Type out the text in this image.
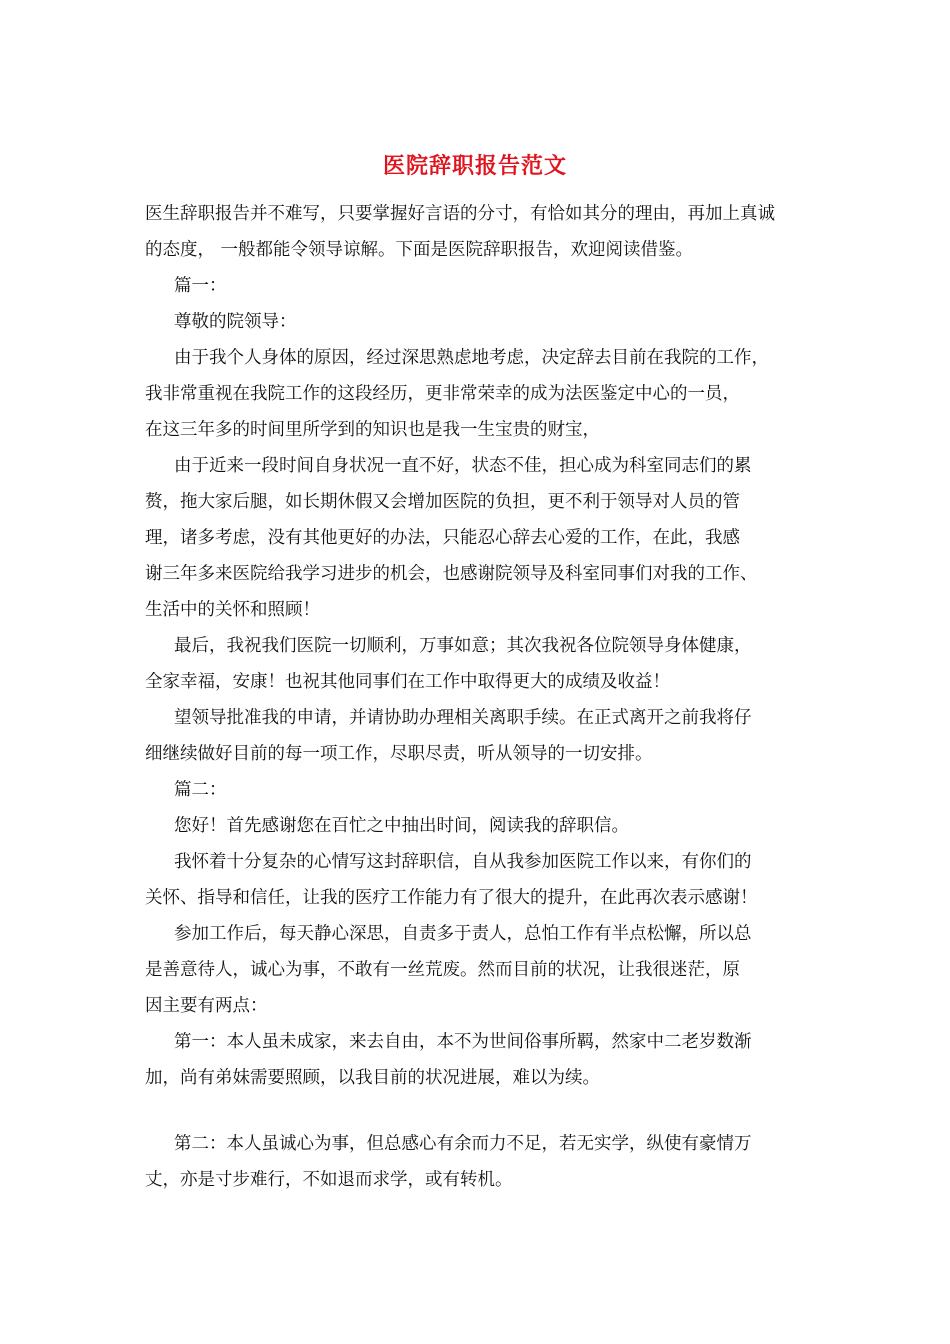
医院辞职报告范文
医生辞职报告并不难写，只要掌握好言语的分寸，有恰如其分的理由，再加上真诚
的态度， 一般都能令领导谅解。下面是医院辞职报告，欢迎阅读借鉴。
篇一：
尊敬的院领导：
由于我个人身体的原因，经过深思熟虑地考虑，决定辞去目前在我院的工作，
我非常重视在我院工作的这段经历，更非常荣幸的成为法医鉴定中心的一员，
在这三年多的时间里所学到的知识也是我一生宝贵的财宝，
由于近来一段时间自身状况一直不好，状态不佳，担心成为科室同志们的累
赘，拖大家后腿，如长期休假又会增加医院的负担，更不利于领导对人员的管
理，诸多考虑，没有其他更好的办法，只能忍心辞去心爱的工作，在此，我感
谢三年多来医院给我学习进步的机会，也感谢院领导及科室同事们对我的工作、
生活中的关怀和照顾！
最后，我祝我们医院一切顺利，万事如意；其次我祝各位院领导身体健康，
全家幸福，安康！也祝其他同事们在工作中取得更大的成绩及收益！
望领导批准我的申请，并请协助办理相关离职手续。在正式离开之前我将仔
细继续做好目前的每一项工作，尽职尽责，听从领导的一切安排。
篇二：
您好！首先感谢您在百忙之中抽出时间，阅读我的辞职信。
我怀着十分复杂的心情写这封辞职信，自从我参加医院工作以来，有你们的
关怀、指导和信任，让我的医疗工作能力有了很大的提升，在此再次表示感谢！
参加工作后，每天静心深思，自责多于责人，总怕工作有半点松懈，所以总
是善意待人，诚心为事，不敢有一丝荒废。然而目前的状况，让我很迷茫，原
因主要有两点：
第一：本人虽未成家，来去自由，本不为世间俗事所羁，然家中二老岁数渐
加，尚有弟妹需要照顾，以我目前的状况进展，难以为续。
第二：本人虽诚心为事，但总感心有余而力不足，若无实学，纵使有豪情万
丈，亦是寸步难行，不如退而求学，或有转机。
